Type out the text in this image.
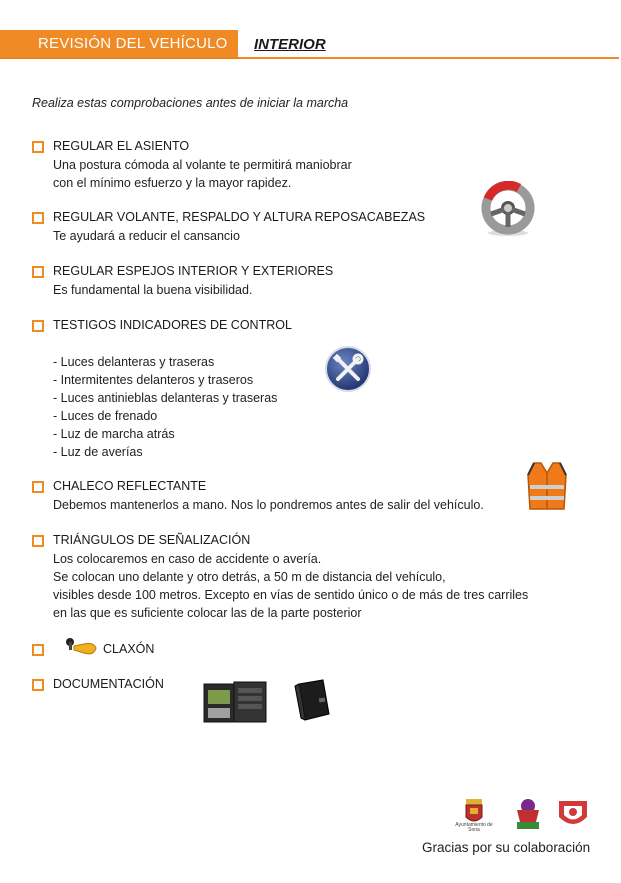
REVISIÓN DEL VEHÍCULO INTERIOR
Realiza estas comprobaciones antes de iniciar la marcha
REGULAR EL ASIENTO
Una postura cómoda al volante te permitirá maniobrar
con el mínimo esfuerzo y la mayor rapidez.
REGULAR VOLANTE, RESPALDO Y ALTURA REPOSACABEZAS
Te ayudará a reducir el cansancio
REGULAR ESPEJOS INTERIOR Y EXTERIORES
Es fundamental la buena visibilidad.
TESTIGOS INDICADORES DE CONTROL
- Luces delanteras y traseras
- Intermitentes delanteros y traseros
- Luces antinieblas delanteras y traseras
- Luces de frenado
- Luz de marcha atrás
- Luz de averías
CHALECO REFLECTANTE
Debemos mantenerlos a mano. Nos lo pondremos antes de salir del vehículo.
TRIÁNGULOS DE SEÑALIZACIÓN
Los colocaremos en caso de accidente o avería.
Se colocan uno delante y otro detrás, a 50 m de distancia del vehículo,
visibles desde 100 metros. Excepto en vías de sentido único o de más de tres carriles
en las que es suficiente colocar las de la parte posterior
CLAXÓN
DOCUMENTACIÓN
Ayuntamiento de Soria
Gracias por su colaboración
